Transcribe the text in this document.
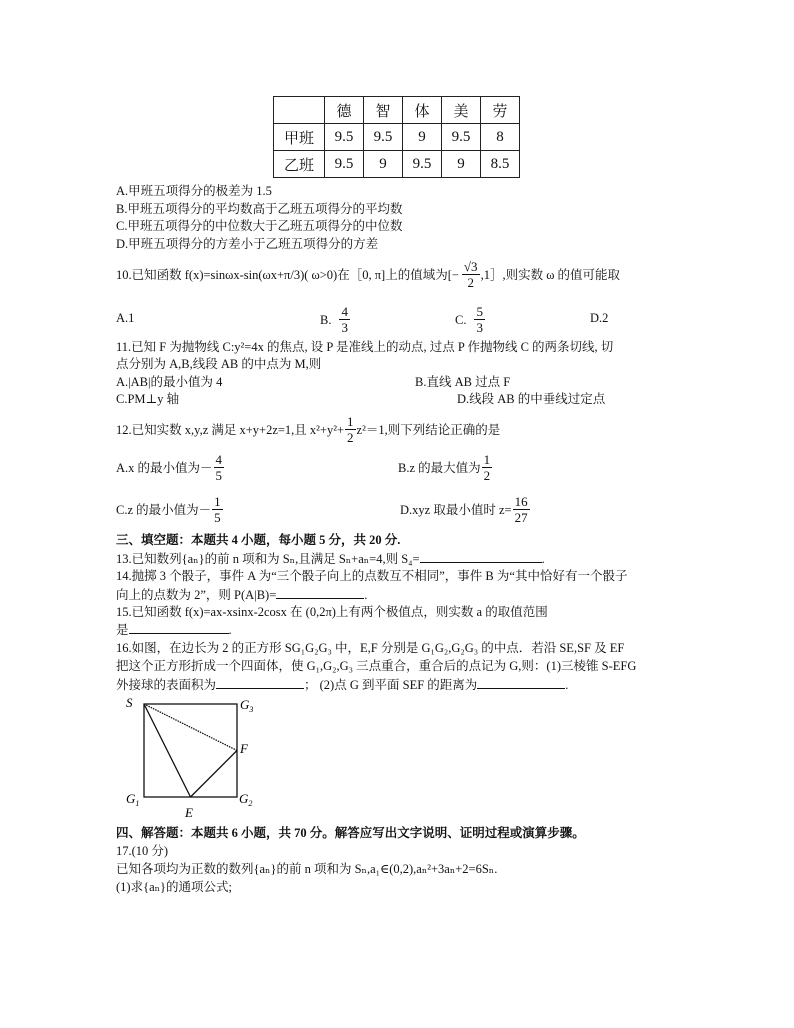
	德	智	体	美	劳
甲班	9.5	9.5	9	9.5	8
乙班	9.5	9	9.5	9	8.5
A.甲班五项得分的极差为 1.5
B.甲班五项得分的平均数高于乙班五项得分的平均数
C.甲班五项得分的中位数大于乙班五项得分的中位数
D.甲班五项得分的方差小于乙班五项得分的方差
10.已知函数 f(x)=sinωx-sin(ωx+π/3)( ω>0)在［0, π]上的值域为[ − $\frac{√3}{2}$ ,1］,则实数 ω 的值可能取
A.1	B. $\frac{4}{3}$	C. $\frac{5}{3}$	D.2
11.已知 F 为抛物线 C:y²=4x 的焦点, 设 P 是准线上的动点, 过点 P 作抛物线 C 的两条切线, 切
点分别为 A,B,线段 AB 的中点为 M,则
A.|AB|的最小值为 4	B.直线 AB 过点 F
C.PM⊥y 轴	D.线段 AB 的中垂线过定点
12.已知实数 x,y,z 满足 x+y+2z=1,且 $x^2+y^2+ \frac{1}{2} z^2=1$,则下列结论正确的是
A.x 的最小值为－ $\frac{4}{5}$	B.z 的最大值为 $\frac{1}{2}$
C.z 的最小值为－ $\frac{1}{5}$	D.xyz 取最小值时 $z= \frac{16}{27}$
三、填空题：本题共 4 小题，每小题 5 分，共 20 分.
13.已知数列{aₙ}的前 n 项和为 Sₙ,且满足 Sₙ+aₙ=4,则 S₄=	.
14.抛掷 3 个骰子，事件 A 为“三个骰子向上的点数互不相同”，事件 B 为“其中恰好有一个骰子
向上的点数为 2”，则 P(A|B)=	.
15.已知函数 f(x)=ax-xsinx-2cosx 在 (0,2π)上有两个极值点，则实数 a 的取值范围
是	.
16.如图，在边长为 2 的正方形 SG₁G₂G₃ 中，E,F 分别是 G₁G₂,G₂G₃ 的中点．若沿 SE,SF 及 EF
把这个正方形折成一个四面体，使 G₁,G₂,G₃ 三点重合，重合后的点记为 G,则：(1)三棱锥 S-EFG
外接球的表面积为	； (2)点 G 到平面 SEF 的距离为	.
S	$G_3$
F
$G_1$
E
$G_2$
四、解答题：本题共 6 小题，共 70 分。解答应写出文字说明、证明过程或演算步骤。
17.(10 分)
已知各项均为正数的数列{aₙ}的前 n 项和为 Sₙ,a₁∈(0,2),aₙ²+3aₙ+2=6Sₙ.
(1)求{aₙ}的通项公式;
